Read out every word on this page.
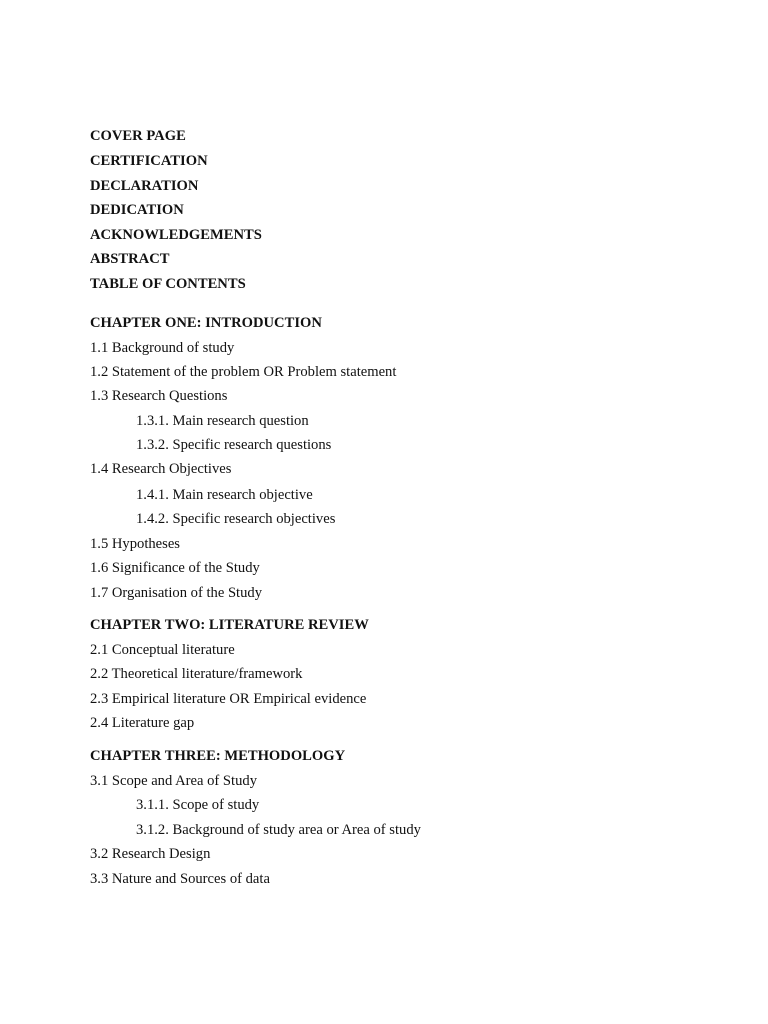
COVER PAGE
CERTIFICATION
DECLARATION
DEDICATION
ACKNOWLEDGEMENTS
ABSTRACT
TABLE OF CONTENTS
CHAPTER ONE: INTRODUCTION
1.1 Background of study
1.2 Statement of the problem OR Problem statement
1.3 Research Questions
1.3.1. Main research question
1.3.2. Specific research questions
1.4 Research Objectives
1.4.1. Main research objective
1.4.2. Specific research objectives
1.5 Hypotheses
1.6 Significance of the Study
1.7 Organisation of the Study
CHAPTER TWO: LITERATURE REVIEW
2.1 Conceptual literature
2.2 Theoretical literature/framework
2.3 Empirical literature OR Empirical evidence
2.4 Literature gap
CHAPTER THREE: METHODOLOGY
3.1 Scope and Area of Study
3.1.1. Scope of study
3.1.2. Background of study area or Area of study
3.2 Research Design
3.3 Nature and Sources of data
